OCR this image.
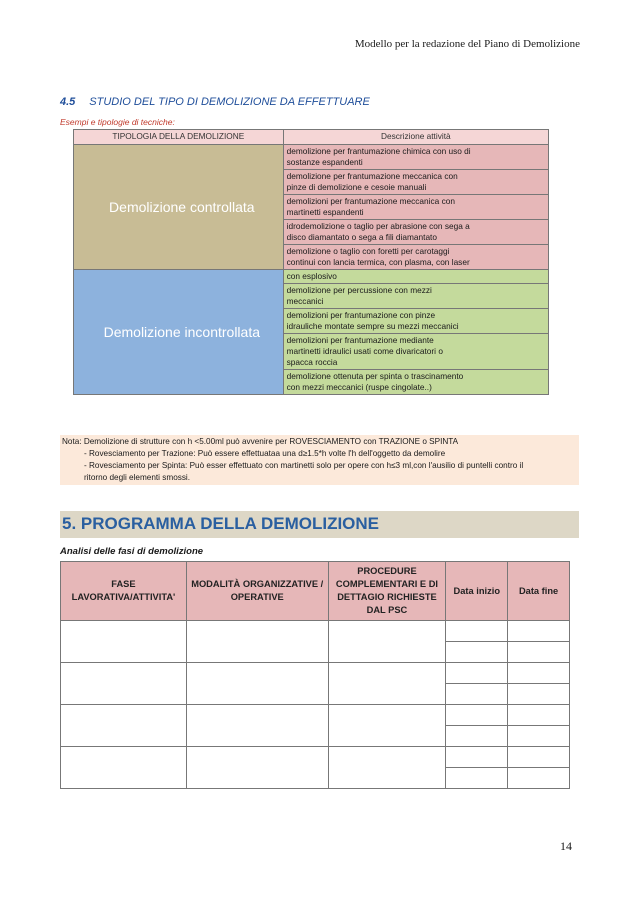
Modello per la redazione del Piano di Demolizione
4.5 STUDIO DEL TIPO DI DEMOLIZIONE DA EFFETTUARE
Esempi e tipologie di tecniche:
TIPOLOGIA DELLA DEMOLIZIONE	Descrizione attività
Demolizione controllata	demolizione per frantumazione chimica con uso di
sostanze espandenti
	demolizione per frantumazione meccanica con
pinze di demolizione e cesoie manuali
	demolizioni per frantumazione meccanica con
martinetti espandenti
	idrodemolizione o taglio per abrasione con sega a
disco diamantato o sega a fili diamantato
	demolizione o taglio con foretti per carotaggi
continui con lancia termica, con plasma, con laser
Demolizione incontrollata	con esplosivo
	demolizione per percussione con mezzi
meccanici
	demolizioni per frantumazione con pinze
idrauliche montate sempre su mezzi meccanici
	demolizioni per frantumazione mediante
martinetti idraulici usati come divaricatori o
spacca roccia
	demolizione ottenuta per spinta o trascinamento
con mezzi meccanici (ruspe cingolate..)
Nota: Demolizione di strutture con h <5.00ml può avvenire per ROVESCIAMENTO con TRAZIONE o SPINTA
- Rovesciamento per Trazione: Può essere effettuataa una d≥1.5*h volte l'h dell'oggetto da demolire
- Rovesciamento per Spinta: Può esser effettuato con martinetti solo per opere con h≤3 ml,con l'ausilio di puntelli contro il
ritorno degli elementi smossi.
5. PROGRAMMA DELLA DEMOLIZIONE
Analisi delle fasi di demolizione
FASE LAVORATIVA/ATTIVITA'	MODALITÀ ORGANIZZATIVE / OPERATIVE	PROCEDURE COMPLEMENTARI E DI DETTAGIO RICHIESTE DAL PSC	Data inizio	Data fine

14
